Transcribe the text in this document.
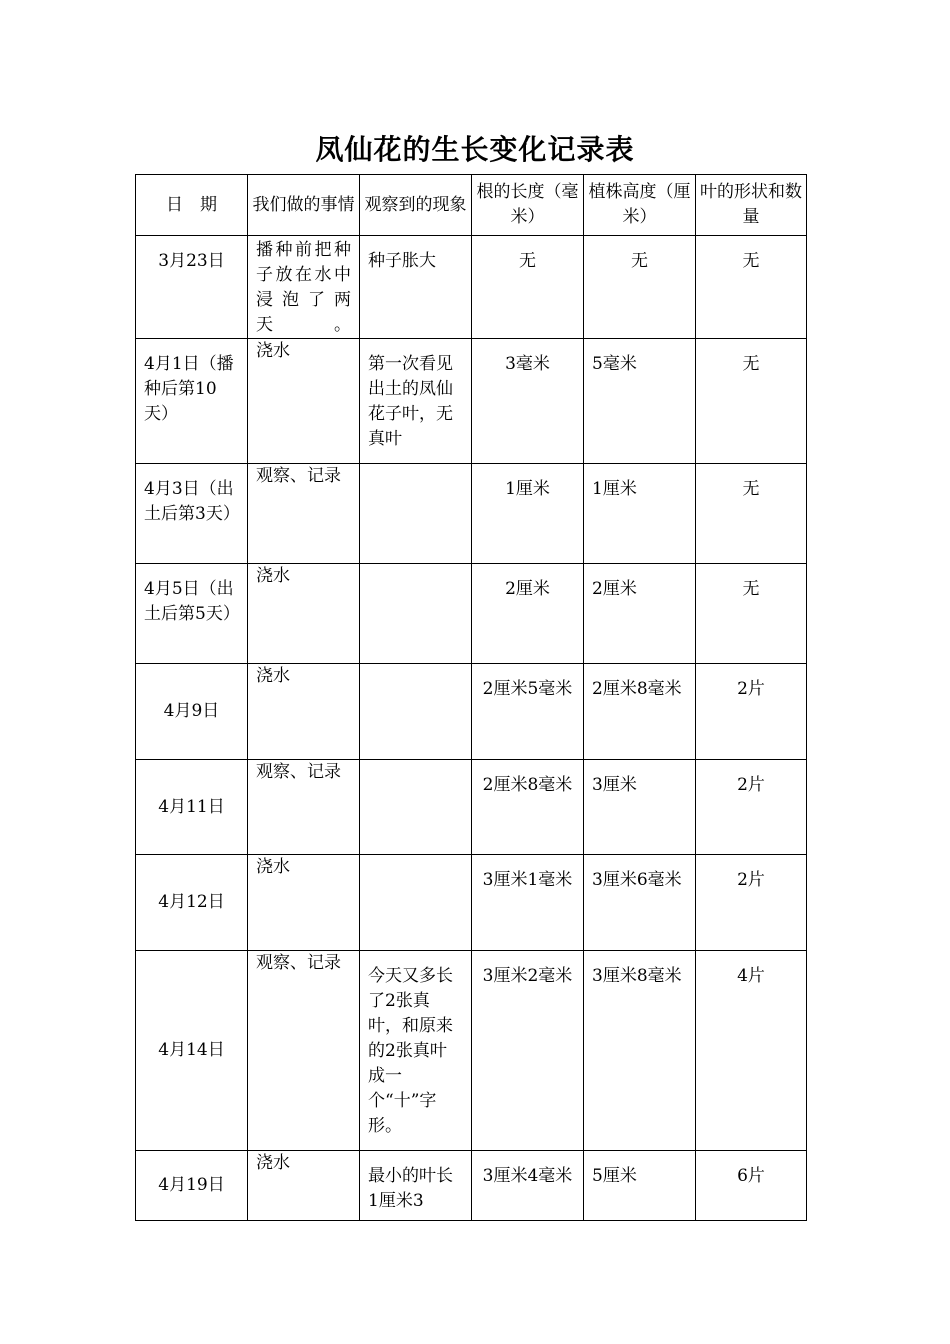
凤仙花的生长变化记录表
日　期	我们做的事情	观察到的现象	根的长度（毫米）	植株高度（厘米）	叶的形状和数量
3月23日	播种前把种子放在水中浸泡了两天。	种子胀大	无	无	无
4月1日（播种后第10天）	浇水	第一次看见出土的凤仙花子叶，无真叶	3毫米	5毫米	无
4月3日（出土后第3天）	观察、记录		1厘米	1厘米	无
4月5日（出土后第5天）	浇水		2厘米	2厘米	无
4月9日	浇水		2厘米5毫米	2厘米8毫米	2片
4月11日	观察、记录		2厘米8毫米	3厘米	2片
4月12日	浇水		3厘米1毫米	3厘米6毫米	2片
4月14日	观察、记录	今天又多长了2张真叶，和原来的2张真叶成一个“十”字形。	3厘米2毫米	3厘米8毫米	4片
4月19日	浇水	最小的叶长1厘米3	3厘米4毫米	5厘米	6片
